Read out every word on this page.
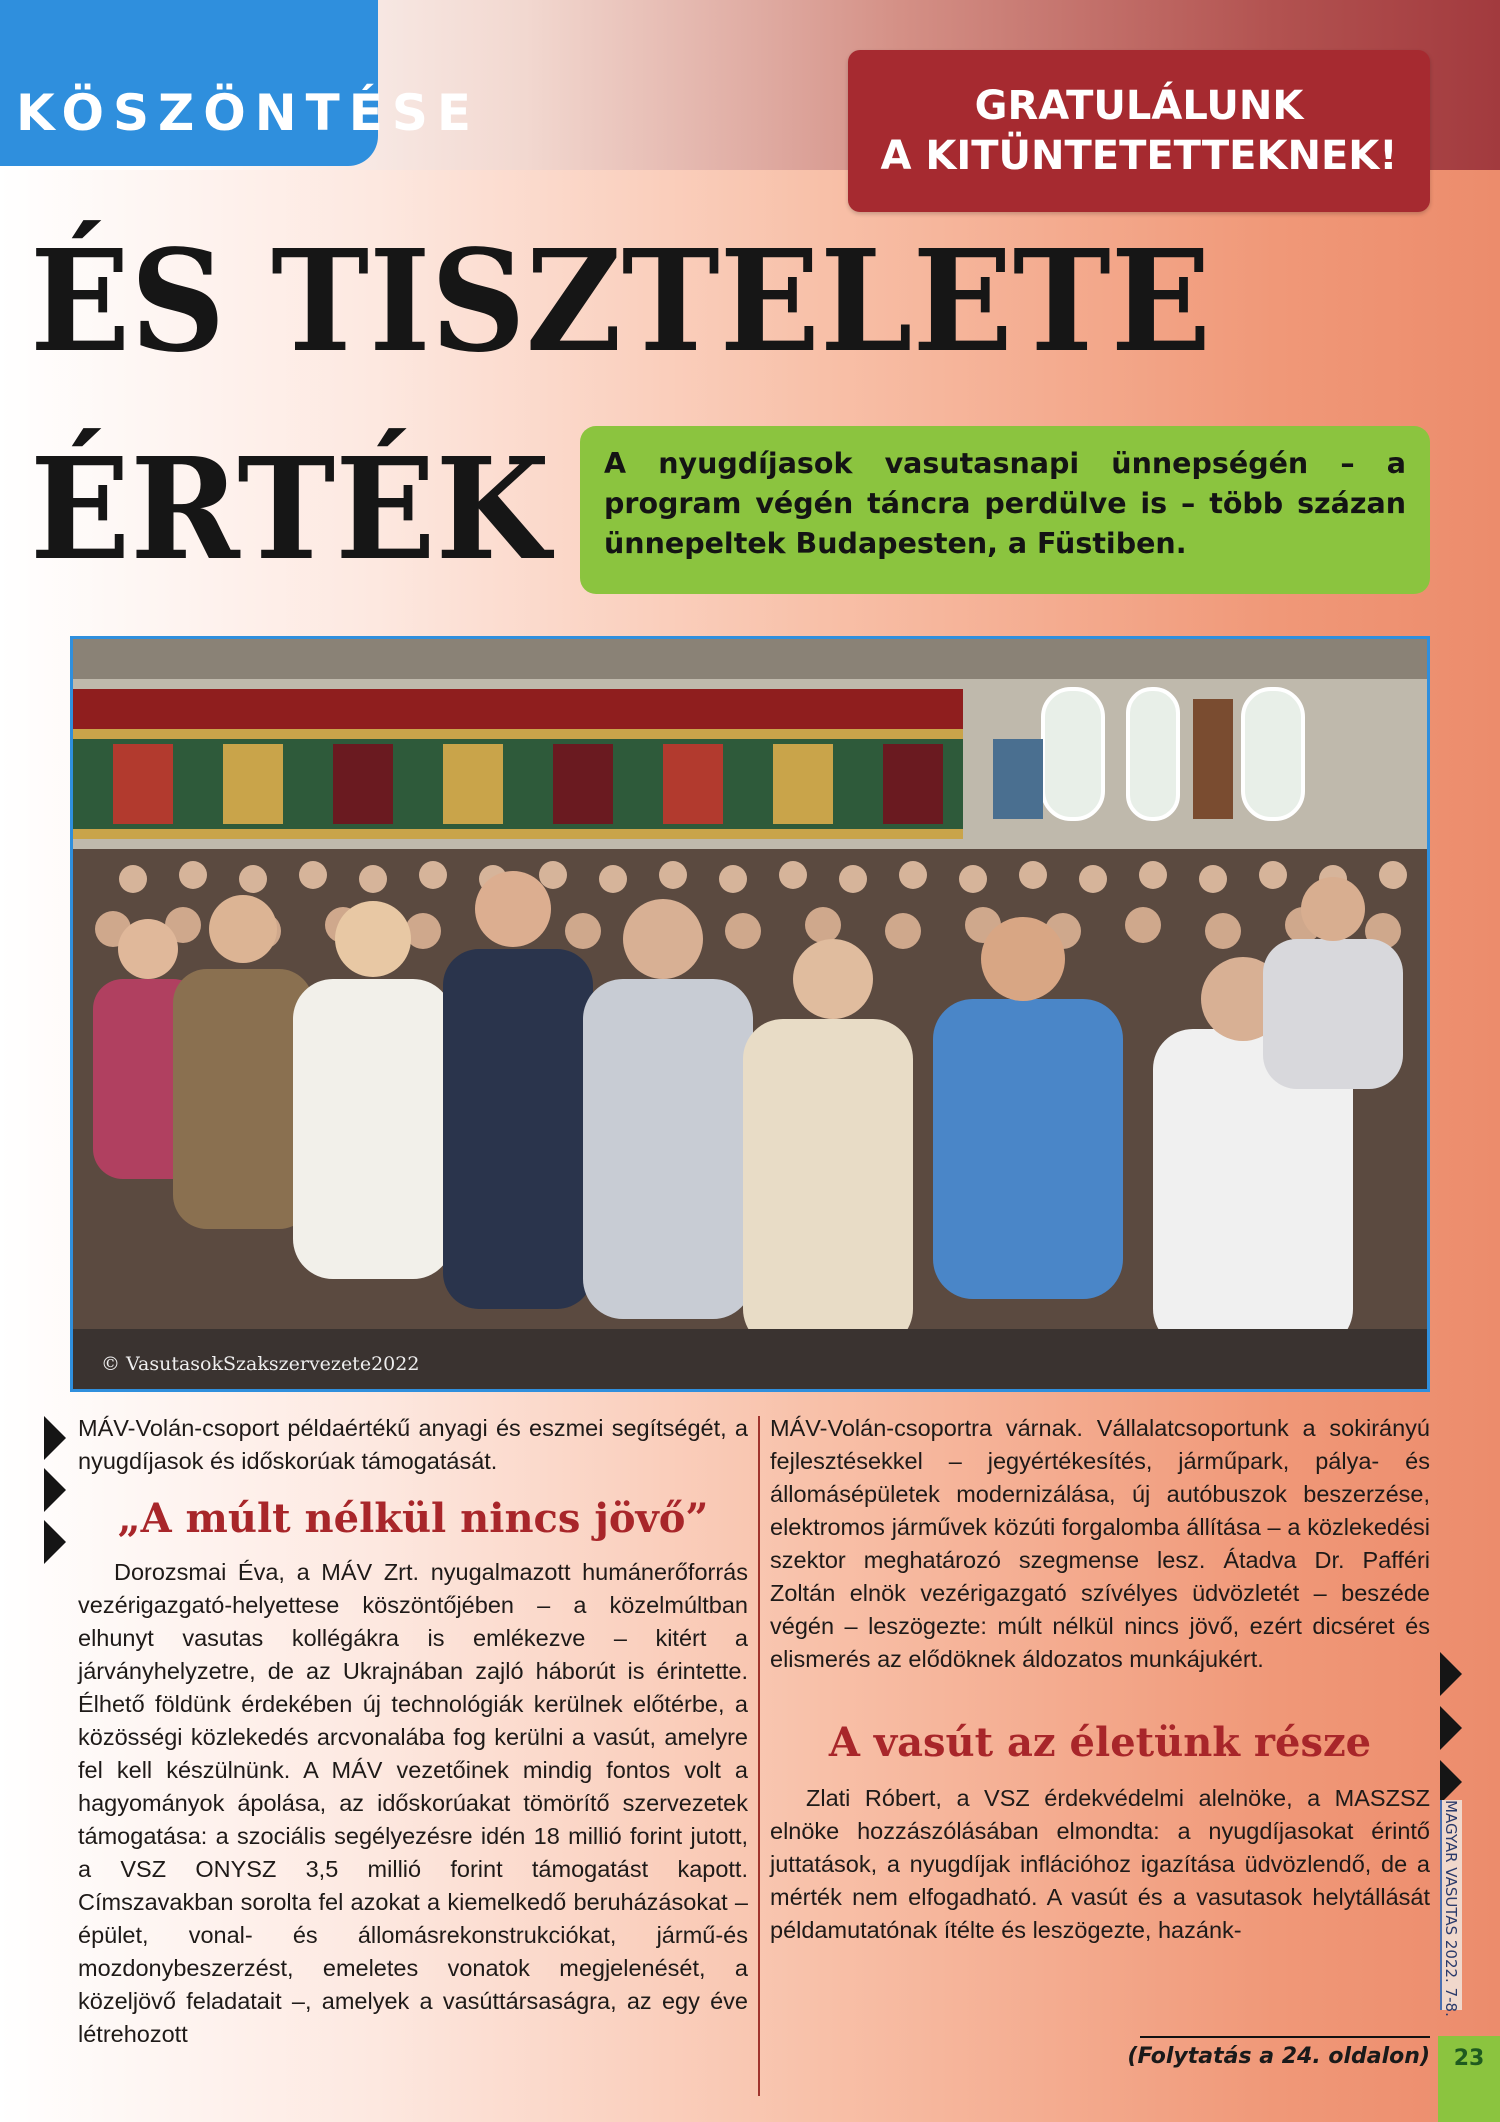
KÖSZÖNTÉSE	GRATULÁLUNK
A KITÜNTETETTEKNEK!
ÉS TISZTELETE
ÉRTÉK	A nyugdíjasok vasutasnapi ünnepségén – a program végén táncra perdülve is – több százan ünnepeltek Budapesten, a Füstiben.
© VasutasokSzakszervezete2022

MÁV-Volán-csoport példaértékű anyagi és eszmei segítségét, a nyugdíjasok és időskorúak támogatását.

„A múlt nélkül nincs jövő”

Dorozsmai Éva, a MÁV Zrt. nyugalmazott humánerőforrás vezérigazgató-helyettese köszöntőjében – a közelmúltban elhunyt vasutas kollégákra is emlékezve – kitért a járványhelyzetre, de az Ukrajnában zajló háborút is érintette. Élhető földünk érdekében új technológiák kerülnek előtérbe, a közösségi közlekedés arcvonalába fog kerülni a vasút, amelyre fel kell készülnünk. A MÁV vezetőinek mindig fontos volt a hagyományok ápolása, az időskorúakat tömörítő szervezetek támogatása: a szociális segélyezésre idén 18 millió forint jutott, a VSZ ONYSZ 3,5 millió forint támogatást kapott. Címszavakban sorolta fel azokat a kiemelkedő beruházásokat – épület, vonal- és állomásrekonstrukciókat, jármű-és mozdonybeszerzést, emeletes vonatok megjelenését, a közeljövő feladatait –, amelyek a vasúttársaságra, az egy éve létrehozott

MÁV-Volán-csoportra várnak. Vállalatcsoportunk a sokirányú fejlesztésekkel – jegyértékesítés, járműpark, pálya- és állomásépületek modernizálása, új autóbuszok beszerzése, elektromos járművek közúti forgalomba állítása – a közlekedési szektor meghatározó szegmense lesz. Átadva Dr. Pafféri Zoltán elnök vezérigazgató szívélyes üdvözletét – beszéde végén – leszögezte: múlt nélkül nincs jövő, ezért dicséret és elismerés az elődöknek áldozatos munkájukért.

A vasút az életünk része

Zlati Róbert, a VSZ érdekvédelmi alelnöke, a MASZSZ elnöke hozzászólásában elmondta: a nyugdíjasokat érintő juttatások, a nyugdíjak inflációhoz igazítása üdvözlendő, de a mérték nem elfogadható. A vasút és a vasutasok helytállását példamutatónak ítélte és leszögezte, hazánk-	MAGYAR VASUTAS 2022. 7-8.
(Folytatás a 24. oldalon)	23
